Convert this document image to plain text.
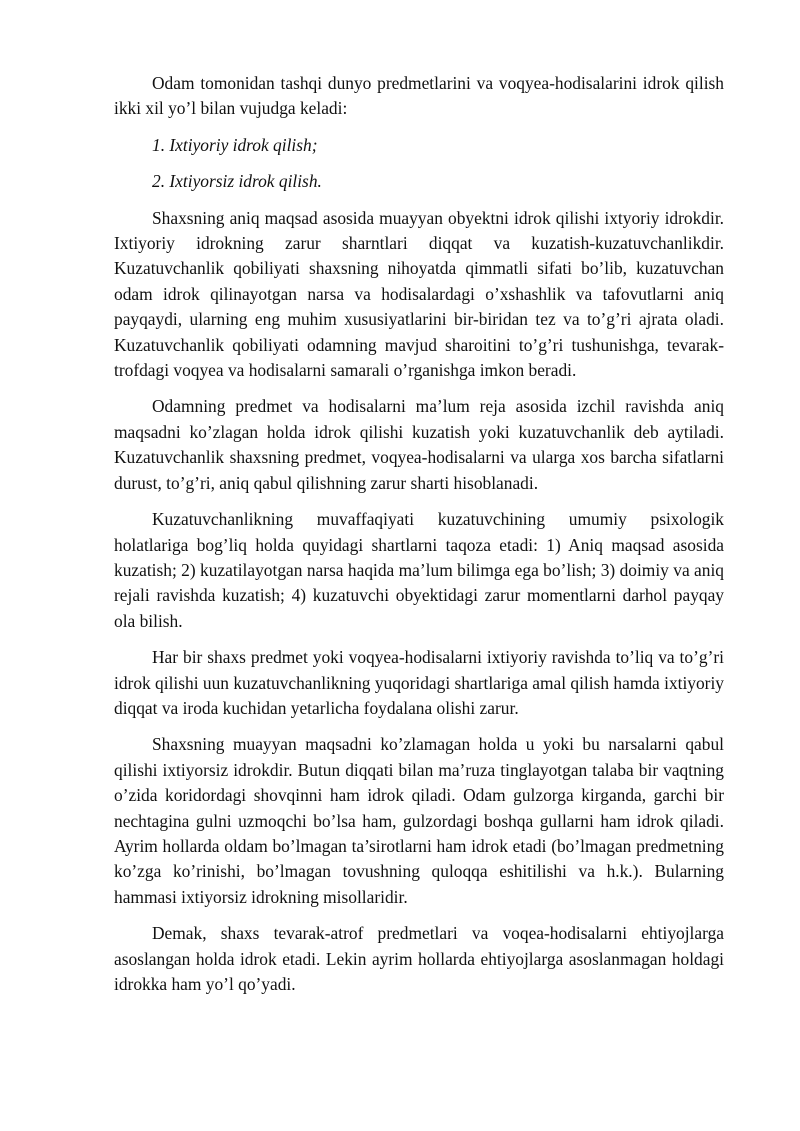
Odam tomonidan tashqi dunyo predmetlarini va voqyea-hodisalarini idrok qilish ikki xil yo’l bilan vujudga keladi:

1. Ixtiyoriy idrok qilish;

2. Ixtiyorsiz idrok qilish.

Shaxsning aniq maqsad asosida muayyan obyektni idrok qilishi ixtyoriy idrokdir. Ixtiyoriy idrokning zarur sharntlari diqqat va kuzatish-kuzatuvchanlikdir. Kuzatuvchanlik qobiliyati shaxsning nihoyatda qimmatli sifati bo’lib, kuzatuvchan odam idrok qilinayotgan narsa va hodisalardagi o’xshashlik va tafovutlarni aniq payqaydi, ularning eng muhim xususiyatlarini bir-biridan tez va to’g’ri ajrata oladi. Kuzatuvchanlik qobiliyati odamning mavjud sharoitini to’g’ri tushunishga, tevarak-trofdagi voqyea va hodisalarni samarali o’rganishga imkon beradi.

Odamning predmet va hodisalarni ma’lum reja asosida izchil ravishda aniq maqsadni ko’zlagan holda idrok qilishi kuzatish yoki kuzatuvchanlik deb aytiladi. Kuzatuvchanlik shaxsning predmet, voqyea-hodisalarni va ularga xos barcha sifatlarni durust, to’g’ri, aniq qabul qilishning zarur sharti hisoblanadi.

Kuzatuvchanlikning muvaffaqiyati kuzatuvchining umumiy psixologik holatlariga bog’liq holda quyidagi shartlarni taqoza etadi: 1) Aniq maqsad asosida kuzatish; 2) kuzatilayotgan narsa haqida ma’lum bilimga ega bo’lish; 3) doimiy va aniq rejali ravishda kuzatish; 4) kuzatuvchi obyektidagi zarur momentlarni darhol payqay ola bilish.

Har bir shaxs predmet yoki voqyea-hodisalarni ixtiyoriy ravishda to’liq va to’g’ri idrok qilishi uun kuzatuvchanlikning yuqoridagi shartlariga amal qilish hamda ixtiyoriy diqqat va iroda kuchidan yetarlicha foydalana olishi zarur.

Shaxsning muayyan maqsadni ko’zlamagan holda u yoki bu narsalarni qabul qilishi ixtiyorsiz idrokdir. Butun diqqati bilan ma’ruza tinglayotgan talaba bir vaqtning o’zida koridordagi shovqinni ham idrok qiladi. Odam gulzorga kirganda, garchi bir nechtagina gulni uzmoqchi bo’lsa ham, gulzordagi boshqa gullarni ham idrok qiladi. Ayrim hollarda oldam bo’lmagan ta’sirotlarni ham idrok etadi (bo’lmagan predmetning ko’zga ko’rinishi, bo’lmagan tovushning quloqqa eshitilishi va h.k.). Bularning hammasi ixtiyorsiz idrokning misollaridir.

Demak, shaxs tevarak-atrof predmetlari va voqea-hodisalarni ehtiyojlarga asoslangan holda idrok etadi. Lekin ayrim hollarda ehtiyojlarga asoslanmagan holdagi idrokka ham yo’l qo’yadi.
